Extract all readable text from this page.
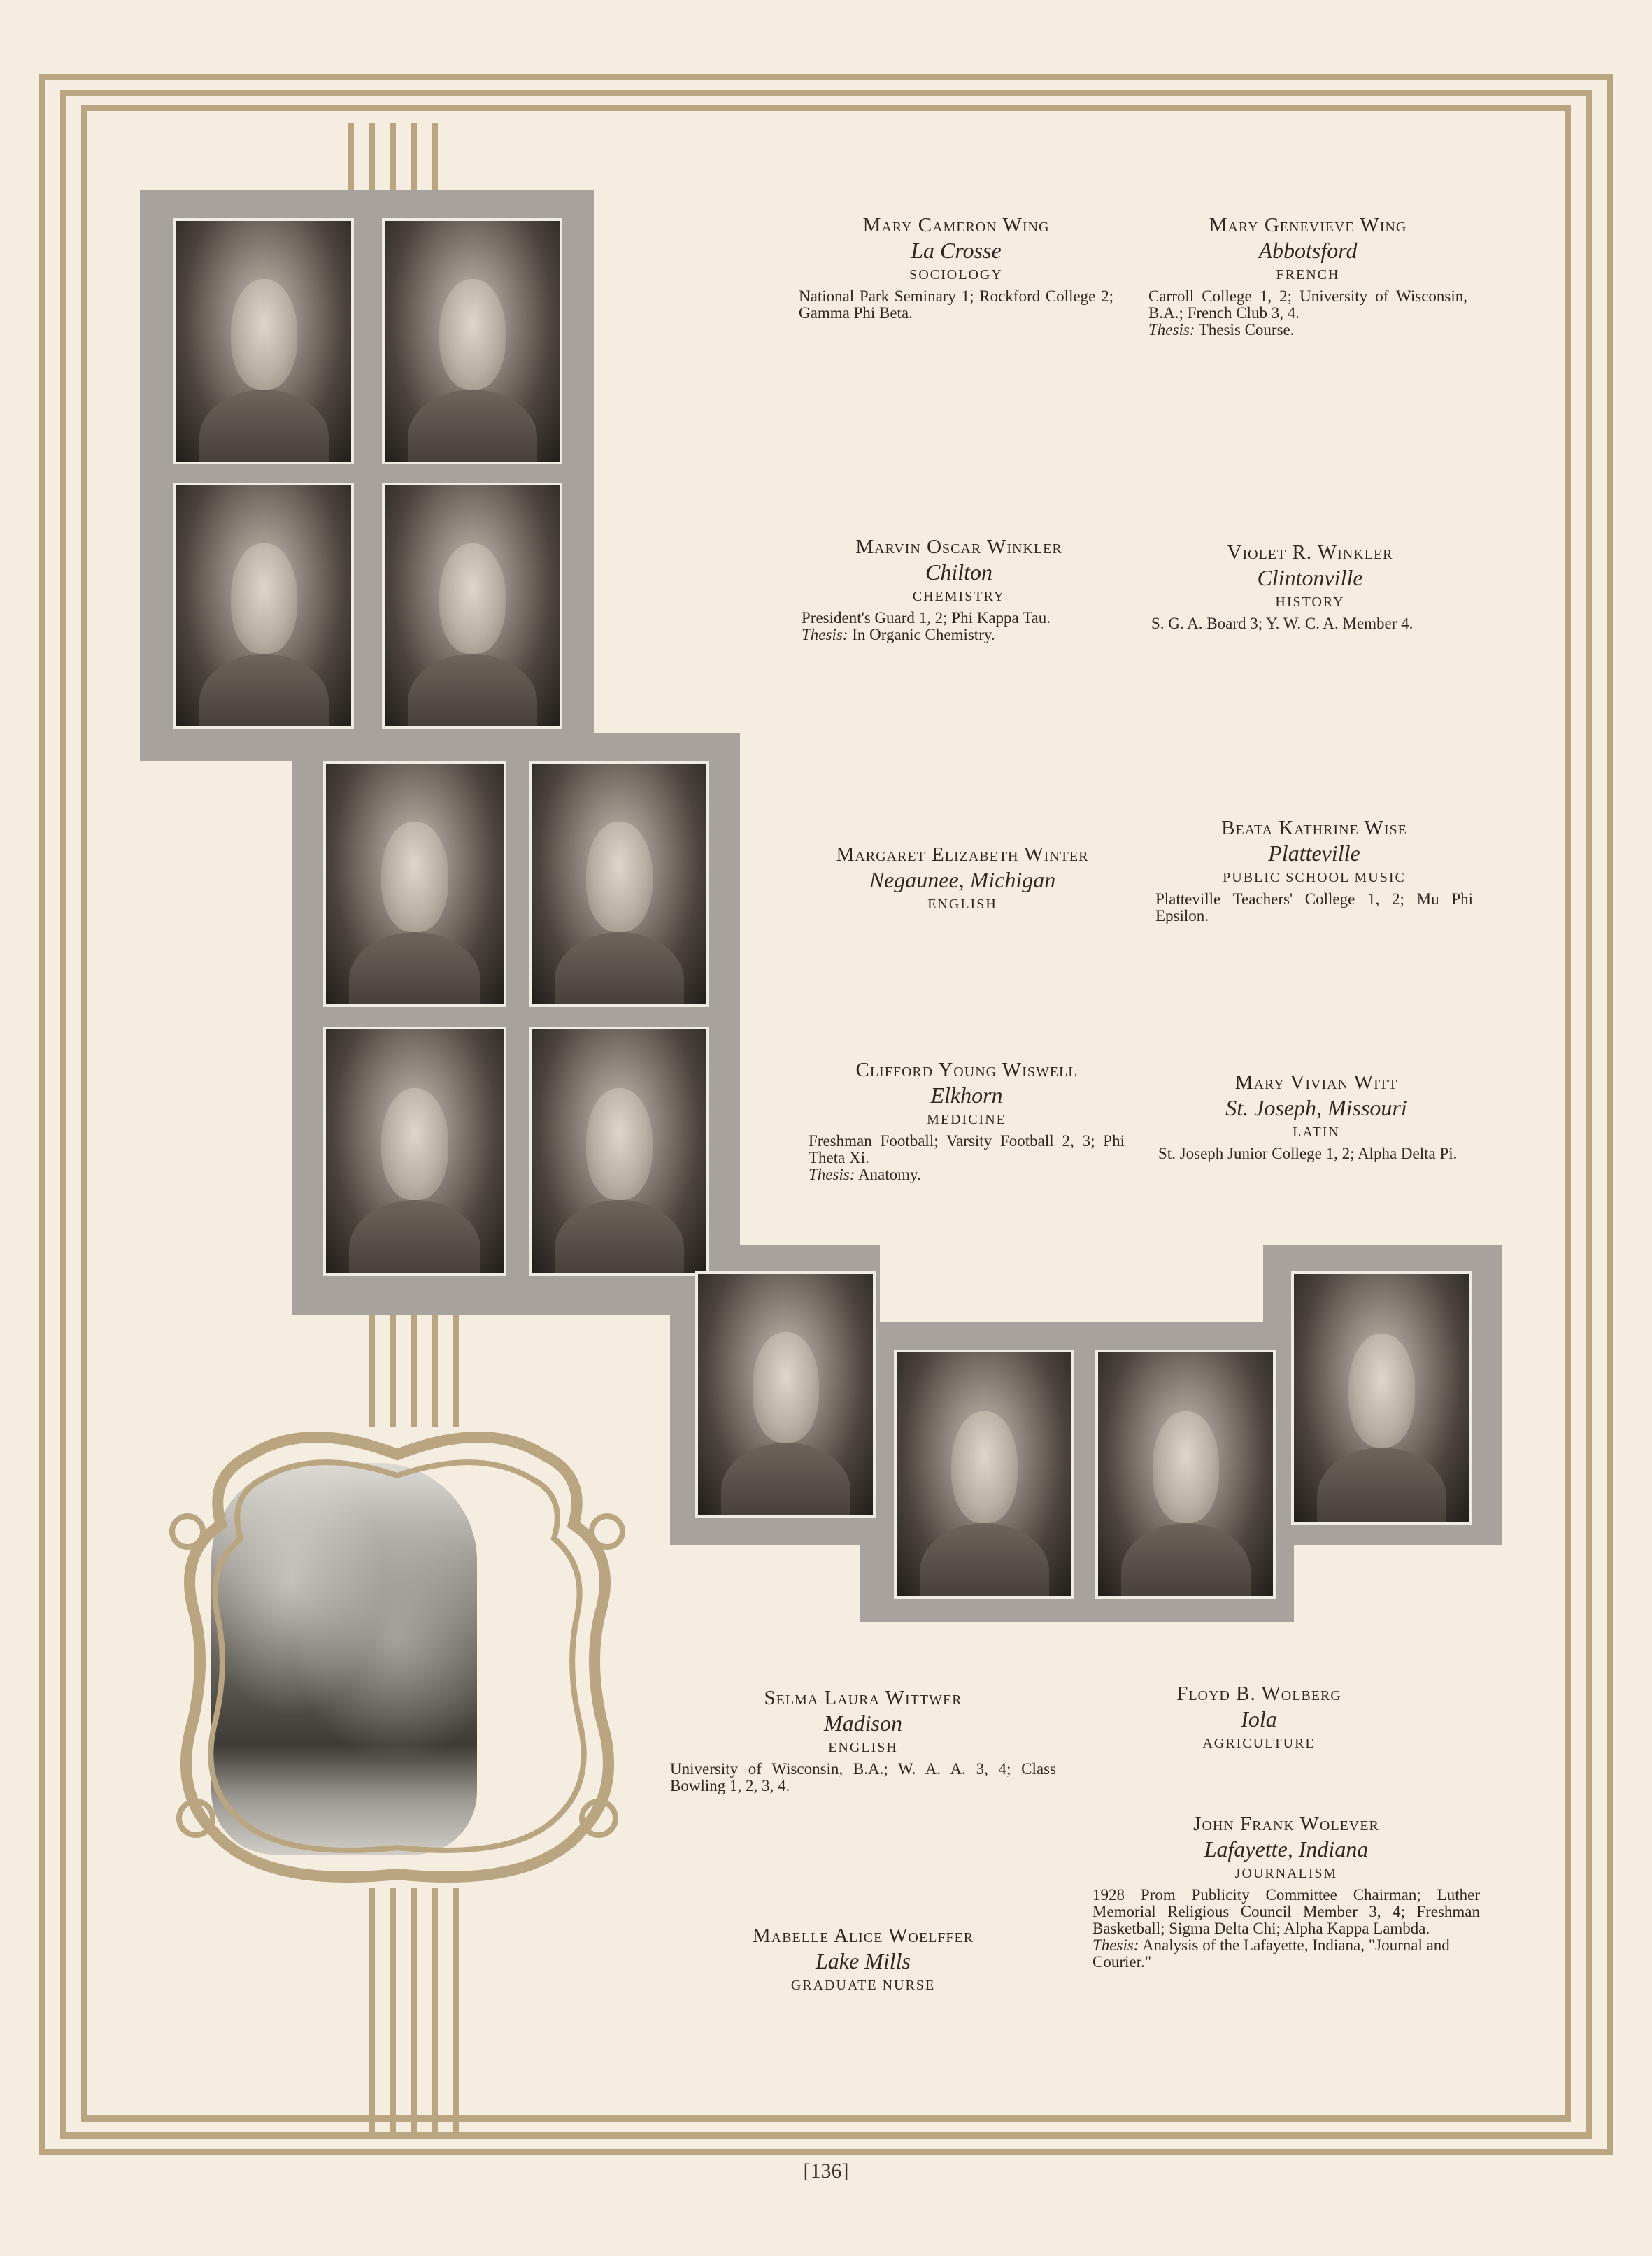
Mary Cameron Wing
La Crosse
SOCIOLOGY
National Park Seminary 1; Rockford College 2; Gamma Phi Beta.
Mary Genevieve Wing
Abbotsford
FRENCH
Carroll College 1, 2; University of Wisconsin, B.A.; French Club 3, 4.
Thesis: Thesis Course.
Marvin Oscar Winkler
Chilton
CHEMISTRY
President's Guard 1, 2; Phi Kappa Tau.
Thesis: In Organic Chemistry.
Violet R. Winkler
Clintonville
HISTORY
S. G. A. Board 3; Y. W. C. A. Member 4.
Margaret Elizabeth Winter
Negaunee, Michigan
ENGLISH
Beata Kathrine Wise
Platteville
PUBLIC SCHOOL MUSIC
Platteville Teachers' College 1, 2; Mu Phi Epsilon.
Clifford Young Wiswell
Elkhorn
MEDICINE
Freshman Football; Varsity Football 2, 3; Phi Theta Xi.
Thesis: Anatomy.
Mary Vivian Witt
St. Joseph, Missouri
LATIN
St. Joseph Junior College 1, 2; Alpha Delta Pi.
Selma Laura Wittwer
Madison
ENGLISH
University of Wisconsin, B.A.; W. A. A. 3, 4; Class Bowling 1, 2, 3, 4.
Floyd B. Wolberg
Iola
AGRICULTURE
John Frank Wolever
Lafayette, Indiana
JOURNALISM
1928 Prom Publicity Committee Chairman; Luther Memorial Religious Council Member 3, 4; Freshman Basketball; Sigma Delta Chi; Alpha Kappa Lambda.
Thesis: Analysis of the Lafayette, Indiana, "Journal and Courier."
Mabelle Alice Woelffer
Lake Mills
GRADUATE NURSE
[136]
